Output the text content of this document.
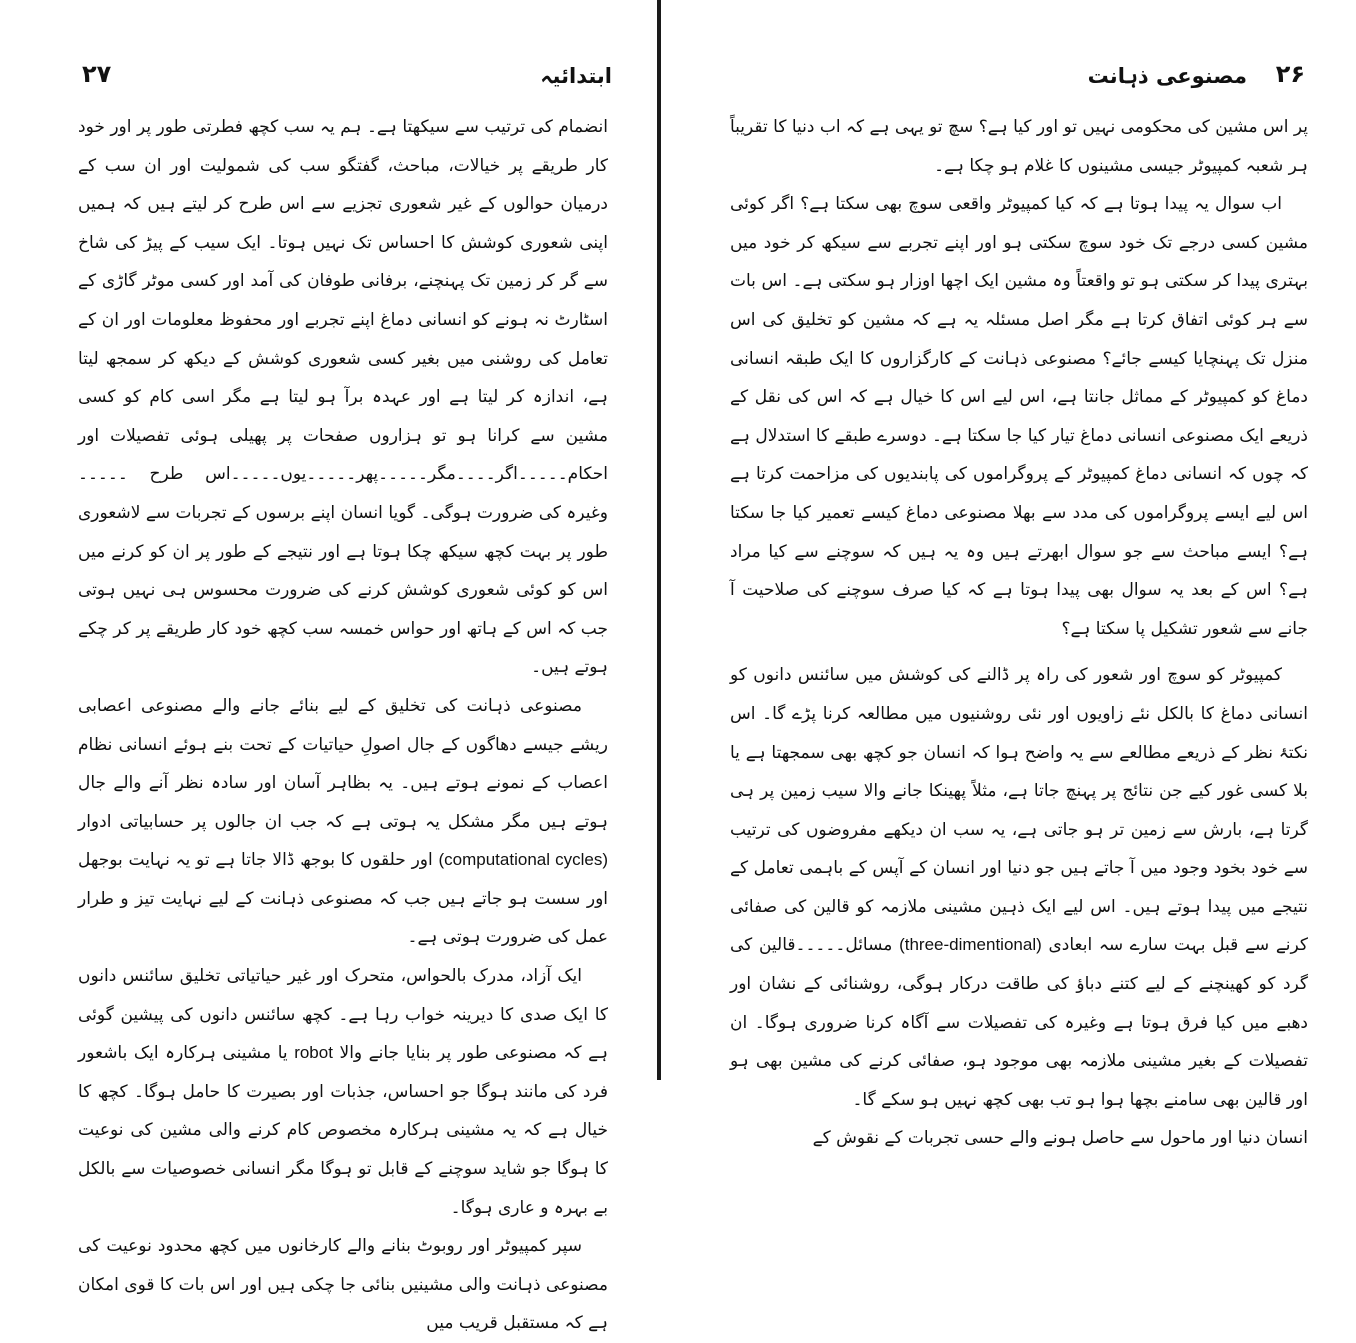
ابتدائیہ
۲۷

انضمام کی ترتیب سے سیکھتا ہے۔ ہم یہ سب کچھ فطرتی طور پر اور خود کار طریقے پر خیالات، مباحث، گفتگو سب کی شمولیت اور ان سب کے درمیان حوالوں کے غیر شعوری تجزیے سے اس طرح کر لیتے ہیں کہ ہمیں اپنی شعوری کوشش کا احساس تک نہیں ہوتا۔ ایک سیب کے پیڑ کی شاخ سے گر کر زمین تک پہنچنے، برفانی طوفان کی آمد اور کسی موٹر گاڑی کے اسٹارٹ نہ ہونے کو انسانی دماغ اپنے تجربے اور محفوظ معلومات اور ان کے تعامل کی روشنی میں بغیر کسی شعوری کوشش کے دیکھ کر سمجھ لیتا ہے، اندازہ کر لیتا ہے اور عہدہ برآ ہو لیتا ہے مگر اسی کام کو کسی مشین سے کرانا ہو تو ہزاروں صفحات پر پھیلی ہوئی تفصیلات اور احکام۔۔۔۔۔اگر۔۔۔۔مگر۔۔۔۔۔پھر۔۔۔۔۔یوں۔۔۔۔۔اس طرح ۔۔۔۔۔وغیرہ کی ضرورت ہوگی۔ گویا انسان اپنے برسوں کے تجربات سے لاشعوری طور پر بہت کچھ سیکھ چکا ہوتا ہے اور نتیجے کے طور پر ان کو کرنے میں اس کو کوئی شعوری کوشش کرنے کی ضرورت محسوس ہی نہیں ہوتی جب کہ اس کے ہاتھ اور حواس خمسہ سب کچھ خود کار طریقے پر کر چکے ہوتے ہیں۔

مصنوعی ذہانت کی تخلیق کے لیے بنائے جانے والے مصنوعی اعصابی ریشے جیسے دھاگوں کے جال اصولِ حیاتیات کے تحت بنے ہوئے انسانی نظام اعصاب کے نمونے ہوتے ہیں۔ یہ بظاہر آسان اور سادہ نظر آنے والے جال ہوتے ہیں مگر مشکل یہ ہوتی ہے کہ جب ان جالوں پر حسابیاتی ادوار (computational cycles) اور حلقوں کا بوجھ ڈالا جاتا ہے تو یہ نہایت بوجھل اور سست ہو جاتے ہیں جب کہ مصنوعی ذہانت کے لیے نہایت تیز و طرار عمل کی ضرورت ہوتی ہے۔

ایک آزاد، مدرک بالحواس، متحرک اور غیر حیاتیاتی تخلیق سائنس دانوں کا ایک صدی کا دیرینہ خواب رہا ہے۔ کچھ سائنس دانوں کی پیشین گوئی ہے کہ مصنوعی طور پر بنایا جانے والا robot یا مشینی ہرکارہ ایک باشعور فرد کی مانند ہوگا جو احساس، جذبات اور بصیرت کا حامل ہوگا۔ کچھ کا خیال ہے کہ یہ مشینی ہرکارہ مخصوص کام کرنے والی مشین کی نوعیت کا ہوگا جو شاید سوچنے کے قابل تو ہوگا مگر انسانی خصوصیات سے بالکل بے بہرہ و عاری ہوگا۔

سپر کمپیوٹر اور روبوٹ بنانے والے کارخانوں میں کچھ محدود نوعیت کی مصنوعی ذہانت والی مشینیں بنائی جا چکی ہیں اور اس بات کا قوی امکان ہے کہ مستقبل قریب میں

۲۶
مصنوعی ذہانت

پر اس مشین کی محکومی نہیں تو اور کیا ہے؟ سچ تو یہی ہے کہ اب دنیا کا تقریباً ہر شعبہ کمپیوٹر جیسی مشینوں کا غلام ہو چکا ہے۔

اب سوال یہ پیدا ہوتا ہے کہ کیا کمپیوٹر واقعی سوچ بھی سکتا ہے؟ اگر کوئی مشین کسی درجے تک خود سوچ سکتی ہو اور اپنے تجربے سے سیکھ کر خود میں بہتری پیدا کر سکتی ہو تو واقعتاً وہ مشین ایک اچھا اوزار ہو سکتی ہے۔ اس بات سے ہر کوئی اتفاق کرتا ہے مگر اصل مسئلہ یہ ہے کہ مشین کو تخلیق کی اس منزل تک پہنچایا کیسے جائے؟ مصنوعی ذہانت کے کارگزاروں کا ایک طبقہ انسانی دماغ کو کمپیوٹر کے مماثل جانتا ہے، اس لیے اس کا خیال ہے کہ اس کی نقل کے ذریعے ایک مصنوعی انسانی دماغ تیار کیا جا سکتا ہے۔ دوسرے طبقے کا استدلال ہے کہ چوں کہ انسانی دماغ کمپیوٹر کے پروگراموں کی پابندیوں کی مزاحمت کرتا ہے اس لیے ایسے پروگراموں کی مدد سے بھلا مصنوعی دماغ کیسے تعمیر کیا جا سکتا ہے؟ ایسے مباحث سے جو سوال ابھرتے ہیں وہ یہ ہیں کہ سوچنے سے کیا مراد ہے؟ اس کے بعد یہ سوال بھی پیدا ہوتا ہے کہ کیا صرف سوچنے کی صلاحیت آ جانے سے شعور تشکیل پا سکتا ہے؟

کمپیوٹر کو سوچ اور شعور کی راہ پر ڈالنے کی کوشش میں سائنس دانوں کو انسانی دماغ کا بالکل نئے زاویوں اور نئی روشنیوں میں مطالعہ کرنا پڑے گا۔ اس نکتۂ نظر کے ذریعے مطالعے سے یہ واضح ہوا کہ انسان جو کچھ بھی سمجھتا ہے یا بلا کسی غور کیے جن نتائج پر پہنچ جاتا ہے، مثلاً پھینکا جانے والا سیب زمین پر ہی گرتا ہے، بارش سے زمین تر ہو جاتی ہے، یہ سب ان دیکھے مفروضوں کی ترتیب سے خود بخود وجود میں آ جاتے ہیں جو دنیا اور انسان کے آپس کے باہمی تعامل کے نتیجے میں پیدا ہوتے ہیں۔ اس لیے ایک ذہین مشینی ملازمہ کو قالین کی صفائی کرنے سے قبل بہت سارے سہ ابعادی (three-dimentional) مسائل۔۔۔۔۔قالین کی گرد کو کھینچنے کے لیے کتنے دباؤ کی طاقت درکار ہوگی، روشنائی کے نشان اور دھبے میں کیا فرق ہوتا ہے وغیرہ کی تفصیلات سے آگاہ کرنا ضروری ہوگا۔ ان تفصیلات کے بغیر مشینی ملازمہ بھی موجود ہو، صفائی کرنے کی مشین بھی ہو اور قالین بھی سامنے بچھا ہوا ہو تب بھی کچھ نہیں ہو سکے گا۔

انسان دنیا اور ماحول سے حاصل ہونے والے حسی تجربات کے نقوش کے
